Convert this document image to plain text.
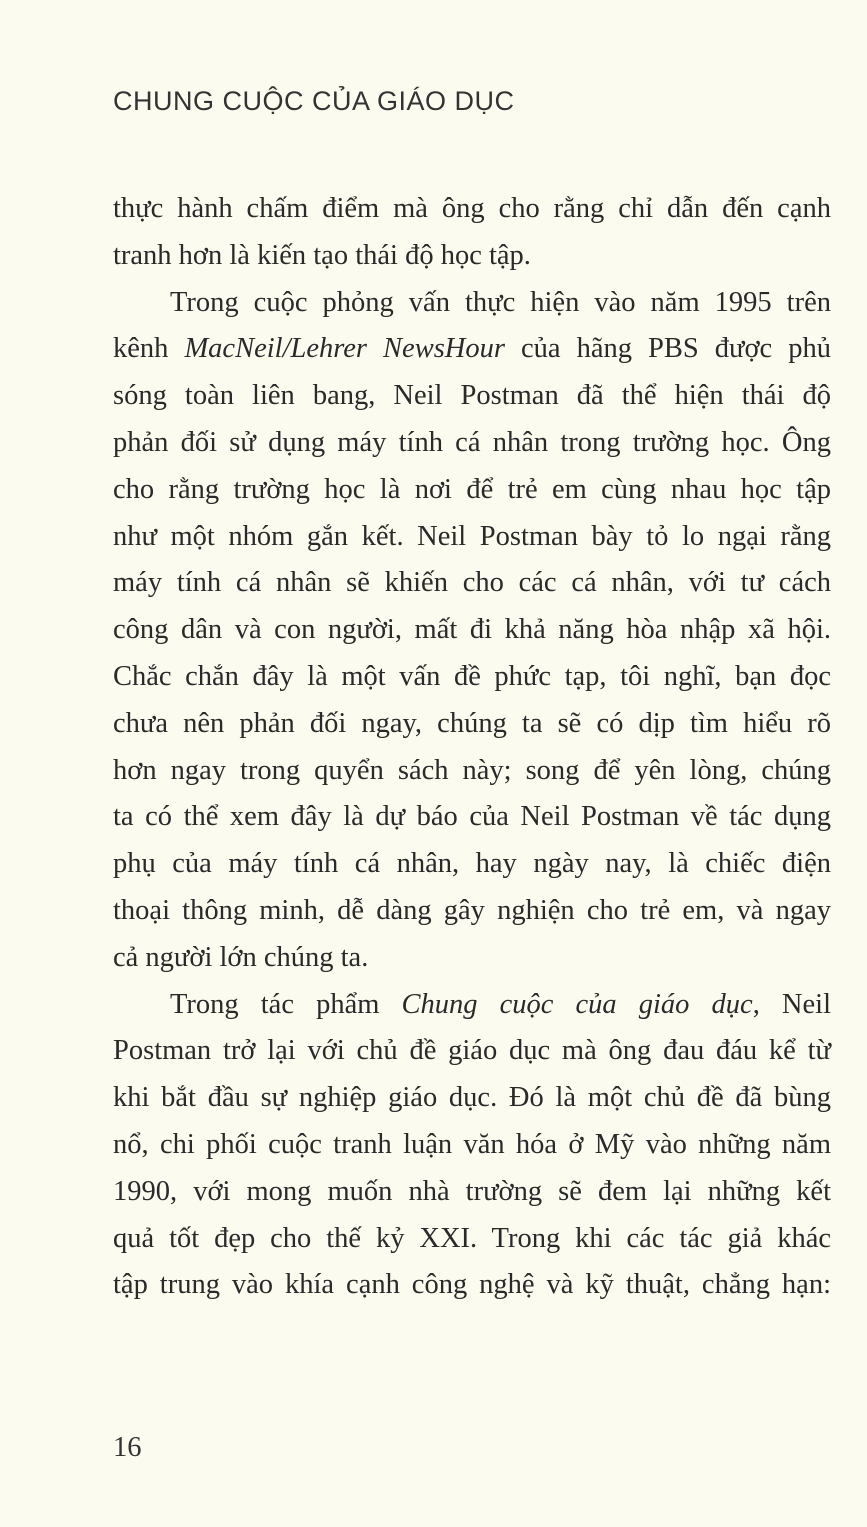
CHUNG CUỘC CỦA GIÁO DỤC
thực hành chấm điểm mà ông cho rằng chỉ dẫn đến cạnh
tranh hơn là kiến tạo thái độ học tập.
Trong cuộc phỏng vấn thực hiện vào năm 1995 trên
kênh MacNeil/Lehrer NewsHour của hãng PBS được phủ
sóng toàn liên bang, Neil Postman đã thể hiện thái độ
phản đối sử dụng máy tính cá nhân trong trường học. Ông
cho rằng trường học là nơi để trẻ em cùng nhau học tập
như một nhóm gắn kết. Neil Postman bày tỏ lo ngại rằng
máy tính cá nhân sẽ khiến cho các cá nhân, với tư cách
công dân và con người, mất đi khả năng hòa nhập xã hội.
Chắc chắn đây là một vấn đề phức tạp, tôi nghĩ, bạn đọc
chưa nên phản đối ngay, chúng ta sẽ có dịp tìm hiểu rõ
hơn ngay trong quyển sách này; song để yên lòng, chúng
ta có thể xem đây là dự báo của Neil Postman về tác dụng
phụ của máy tính cá nhân, hay ngày nay, là chiếc điện
thoại thông minh, dễ dàng gây nghiện cho trẻ em, và ngay
cả người lớn chúng ta.
Trong tác phẩm Chung cuộc của giáo dục, Neil
Postman trở lại với chủ đề giáo dục mà ông đau đáu kể từ
khi bắt đầu sự nghiệp giáo dục. Đó là một chủ đề đã bùng
nổ, chi phối cuộc tranh luận văn hóa ở Mỹ vào những năm
1990, với mong muốn nhà trường sẽ đem lại những kết
quả tốt đẹp cho thế kỷ XXI. Trong khi các tác giả khác
tập trung vào khía cạnh công nghệ và kỹ thuật, chẳng hạn:
16
